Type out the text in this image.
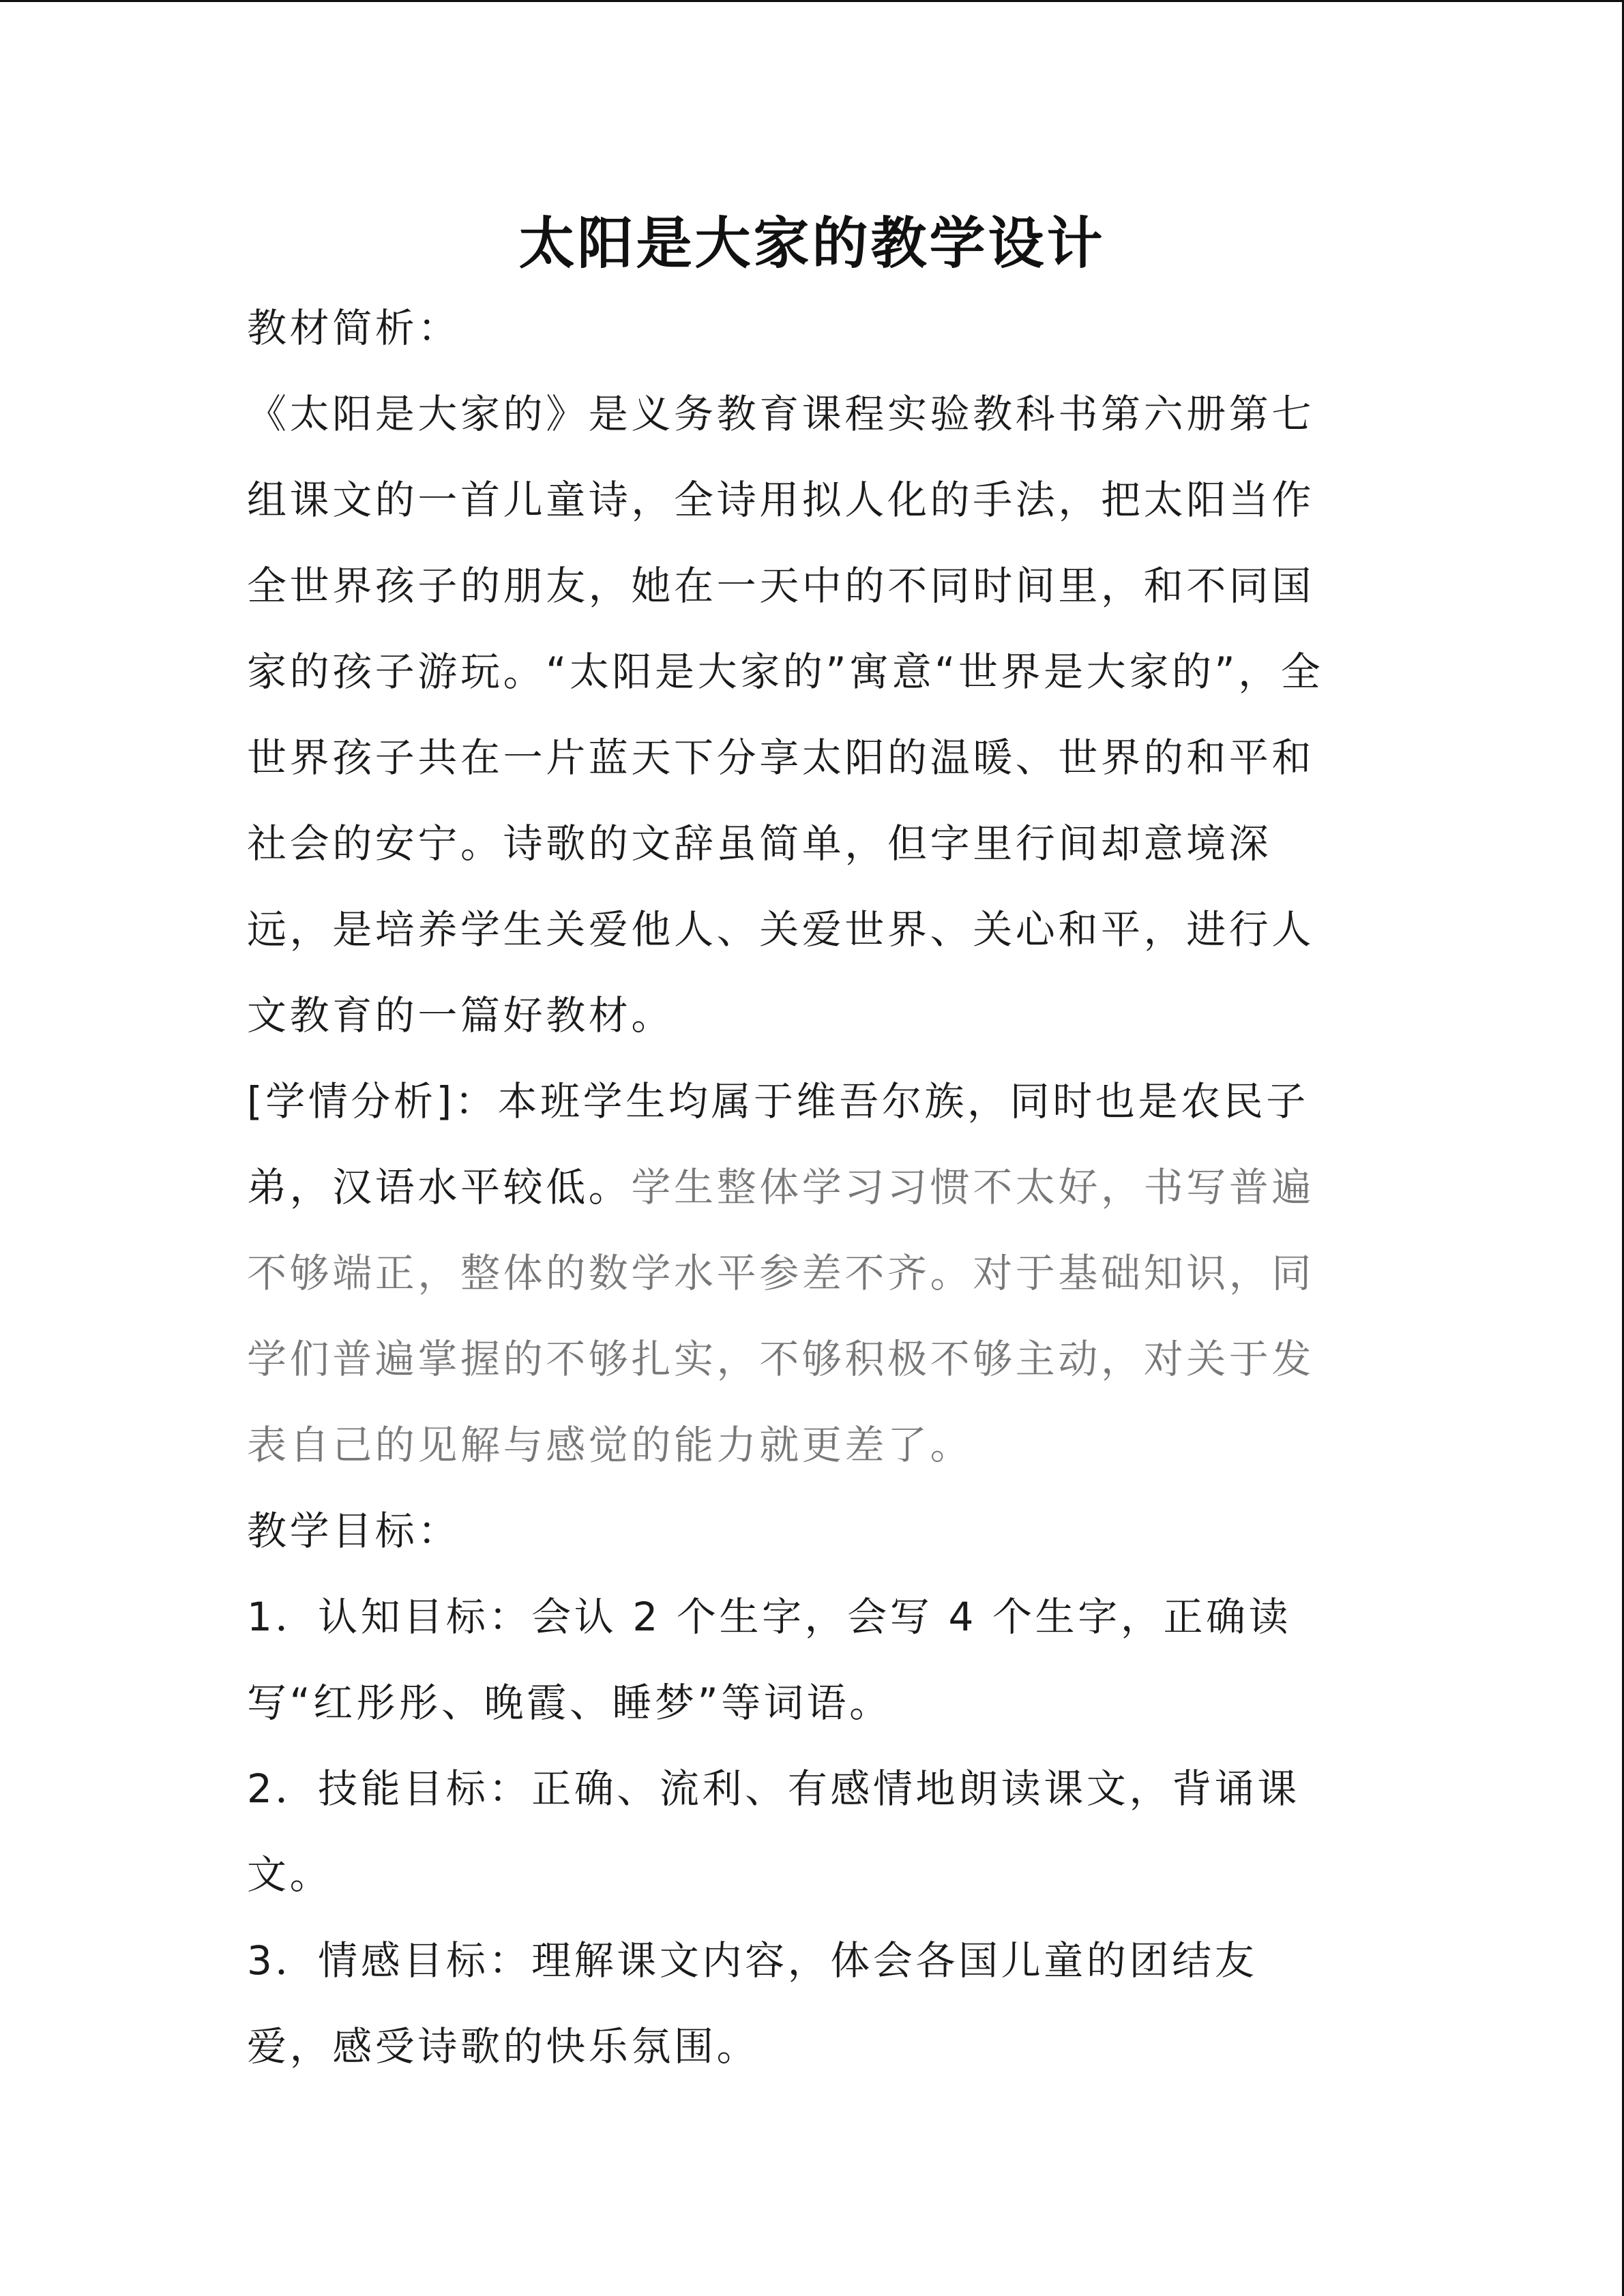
太阳是大家的教学设计

教材简析：

《太阳是大家的》是义务教育课程实验教科书第六册第七组课文的一首儿童诗，全诗用拟人化的手法，把太阳当作全世界孩子的朋友，她在一天中的不同时间里，和不同国家的孩子游玩。“太阳是大家的”寓意“世界是大家的”，全世界孩子共在一片蓝天下分享太阳的温暖、世界的和平和社会的安宁。诗歌的文辞虽简单，但字里行间却意境深远，是培养学生关爱他人、关爱世界、关心和平，进行人文教育的一篇好教材。

[学情分析]：本班学生均属于维吾尔族，同时也是农民子弟，汉语水平较低。学生整体学习习惯不太好，书写普遍不够端正，整体的数学水平参差不齐。对于基础知识，同学们普遍掌握的不够扎实，不够积极不够主动，对关于发表自己的见解与感觉的能力就更差了。

教学目标：

1．认知目标：会认 2 个生字，会写 4 个生字，正确读写“红彤彤、晚霞、睡梦”等词语。

2．技能目标：正确、流利、有感情地朗读课文，背诵课文。

3．情感目标：理解课文内容，体会各国儿童的团结友爱，感受诗歌的快乐氛围。
